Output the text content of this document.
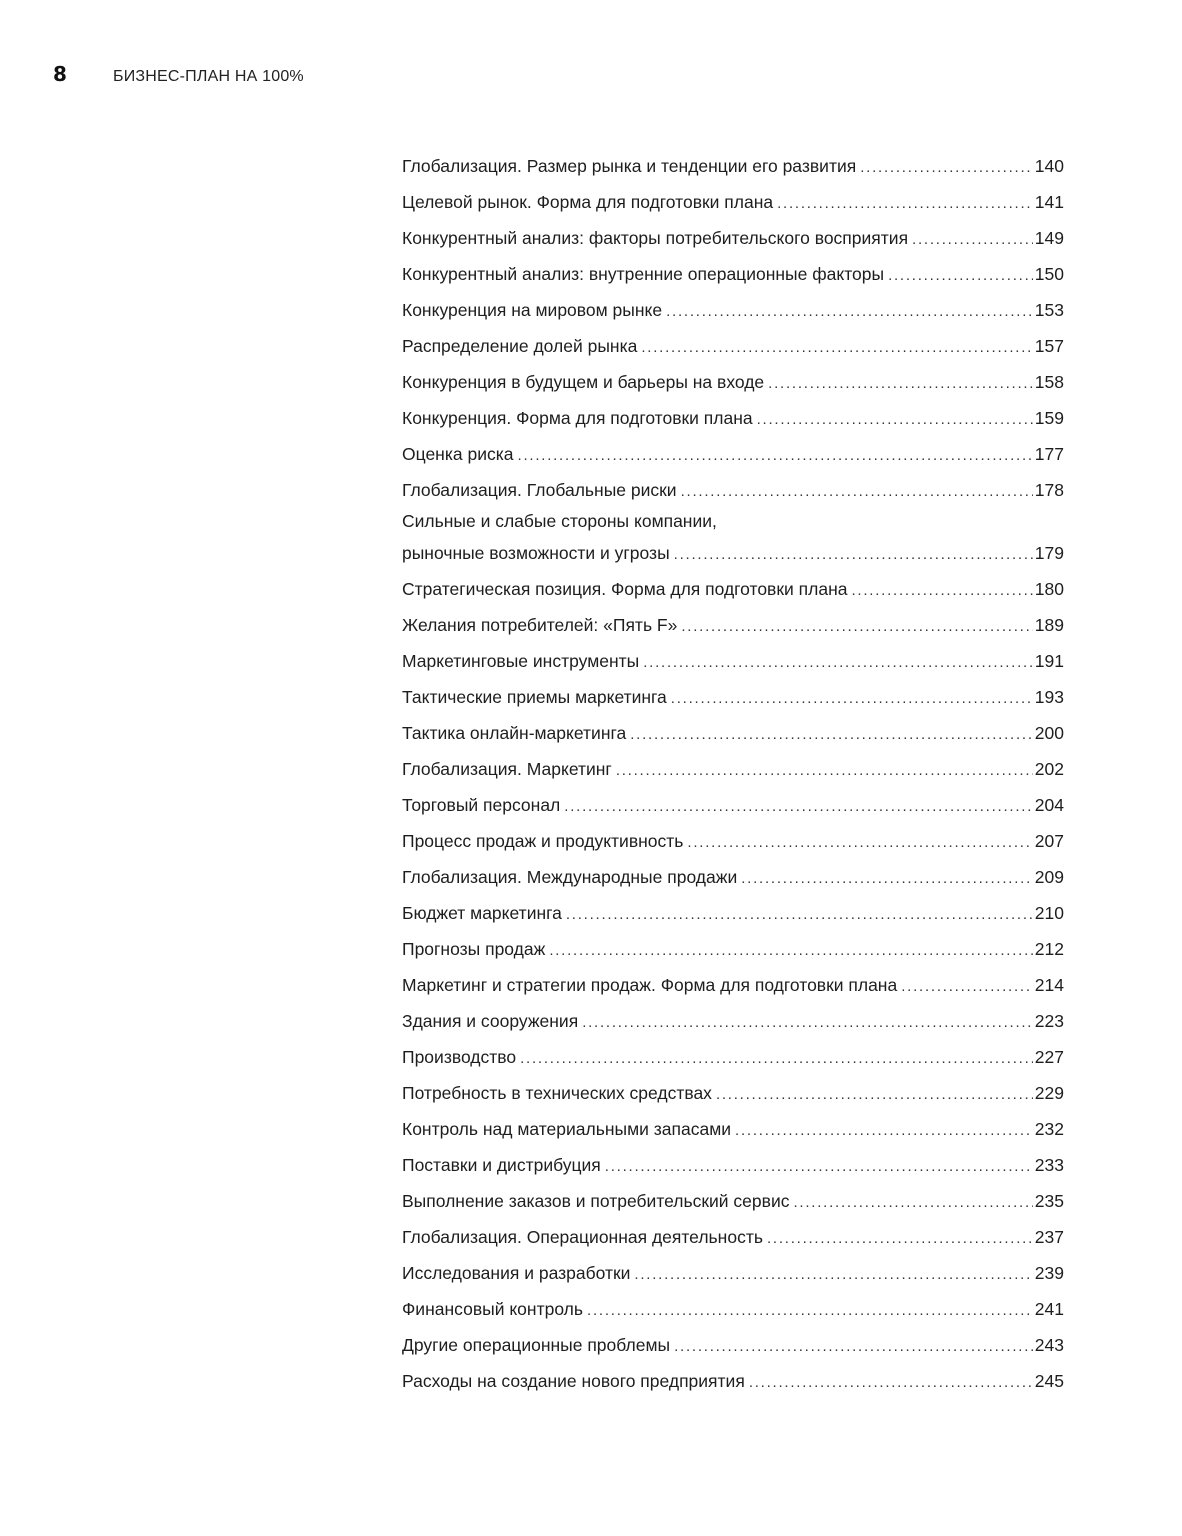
8	БИЗНЕС-ПЛАН НА 100%
Глобализация. Размер рынка и тенденции его развития . . .	140
Целевой рынок. Форма для подготовки плана . . .	141
Конкурентный анализ: факторы потребительского восприятия . . .	149
Конкурентный анализ: внутренние операционные факторы . . .	150
Конкуренция на мировом рынке . . .	153
Распределение долей рынка . . .	157
Конкуренция в будущем и барьеры на входе . . .	158
Конкуренция. Форма для подготовки плана . . .	159
Оценка риска . . .	177
Глобализация. Глобальные риски . . .	178
Сильные и слабые стороны компании,
рыночные возможности и угрозы . . .	179
Стратегическая позиция. Форма для подготовки плана . . .	180
Желания потребителей: «Пять F» . . .	189
Маркетинговые инструменты . . .	191
Тактические приемы маркетинга . . .	193
Тактика онлайн-маркетинга . . .	200
Глобализация. Маркетинг . . .	202
Торговый персонал . . .	204
Процесс продаж и продуктивность . . .	207
Глобализация. Международные продажи . . .	209
Бюджет маркетинга . . .	210
Прогнозы продаж . . .	212
Маркетинг и стратегии продаж. Форма для подготовки плана . . .	214
Здания и сооружения . . .	223
Производство . . .	227
Потребность в технических средствах . . .	229
Контроль над материальными запасами . . .	232
Поставки и дистрибуция . . .	233
Выполнение заказов и потребительский сервис . . .	235
Глобализация. Операционная деятельность . . .	237
Исследования и разработки . . .	239
Финансовый контроль . . .	241
Другие операционные проблемы . . .	243
Расходы на создание нового предприятия . . .	245
